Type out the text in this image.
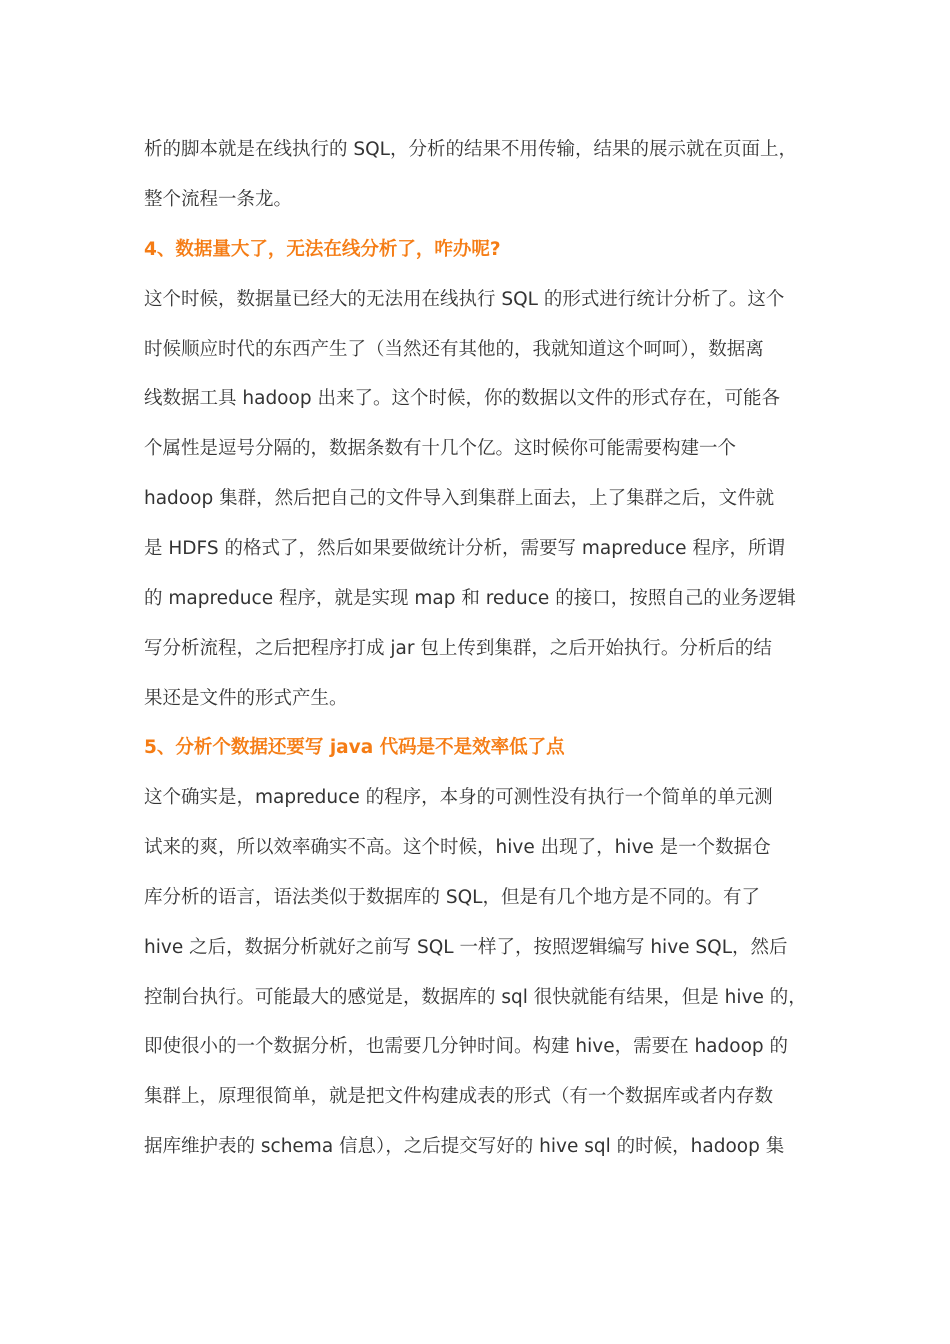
析的脚本就是在线执行的 SQL，分析的结果不用传输，结果的展示就在页面上，
整个流程一条龙。
4、数据量大了，无法在线分析了，咋办呢?
这个时候，数据量已经大的无法用在线执行 SQL 的形式进行统计分析了。这个
时候顺应时代的东西产生了（当然还有其他的，我就知道这个呵呵），数据离
线数据工具 hadoop 出来了。这个时候，你的数据以文件的形式存在，可能各
个属性是逗号分隔的，数据条数有十几个亿。这时候你可能需要构建一个
hadoop 集群，然后把自己的文件导入到集群上面去，上了集群之后，文件就
是 HDFS 的格式了，然后如果要做统计分析，需要写 mapreduce 程序，所谓
的 mapreduce 程序，就是实现 map 和 reduce 的接口，按照自己的业务逻辑
写分析流程，之后把程序打成 jar 包上传到集群，之后开始执行。分析后的结
果还是文件的形式产生。
5、分析个数据还要写 java 代码是不是效率低了点
这个确实是，mapreduce 的程序，本身的可测性没有执行一个简单的单元测
试来的爽，所以效率确实不高。这个时候，hive 出现了，hive 是一个数据仓
库分析的语言，语法类似于数据库的 SQL，但是有几个地方是不同的。有了
hive 之后，数据分析就好之前写 SQL 一样了，按照逻辑编写 hive SQL，然后
控制台执行。可能最大的感觉是，数据库的 sql 很快就能有结果，但是 hive 的，
即使很小的一个数据分析，也需要几分钟时间。构建 hive，需要在 hadoop 的
集群上，原理很简单，就是把文件构建成表的形式（有一个数据库或者内存数
据库维护表的 schema 信息），之后提交写好的 hive sql 的时候，hadoop 集
